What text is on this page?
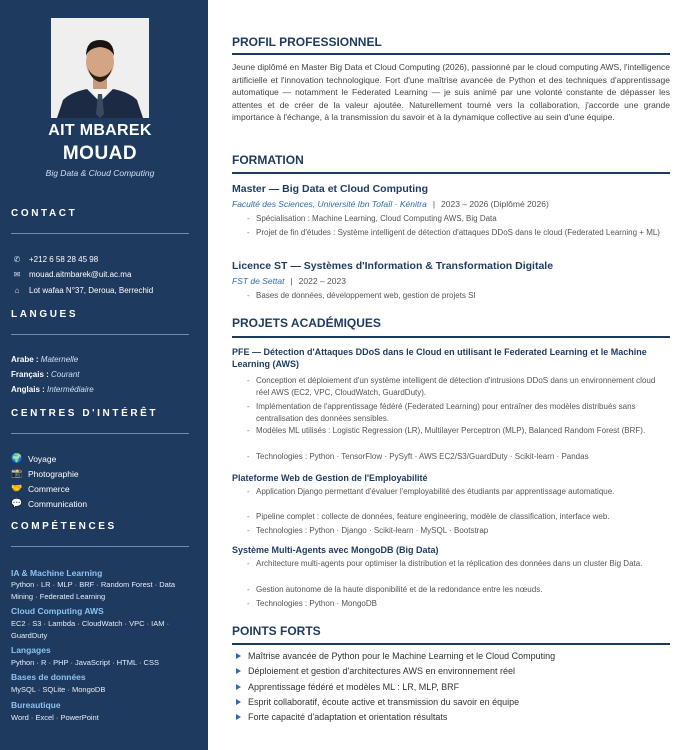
AIT MBAREK
MOUAD
Big Data & Cloud Computing
CONTACT
✆	+212 6 58 28 45 98
✉	mouad.aitmbarek@uit.ac.ma
⌂	Lot wafaa N°37, Deroua, Berrechid
LANGUES
Arabe : Maternelle
Français : Courant
Anglais : Intermédiaire
CENTRES D'INTÉRÊT
🌍 Voyage
📸 Photographie
🤝 Commerce
💬 Communication
COMPÉTENCES
IA & Machine Learning
Python · LR · MLP · BRF · Random Forest · Data Mining · Federated Learning
Cloud Computing AWS
EC2 · S3 · Lambda · CloudWatch · VPC · IAM · GuardDuty
Langages
Python · R · PHP · JavaScript · HTML · CSS
Bases de données
MySQL · SQLite · MongoDB
Bureautique
Word · Excel · PowerPoint
PROFIL PROFESSIONNEL
Jeune diplômé en Master Big Data et Cloud Computing (2026), passionné par le cloud computing AWS, l'intelligence artificielle et l'innovation technologique. Fort d'une maîtrise avancée de Python et des techniques d'apprentissage automatique — notamment le Federated Learning — je suis animé par une volonté constante de dépasser les attentes et de créer de la valeur ajoutée. Naturellement tourné vers la collaboration, j'accorde une grande importance à l'échange, à la transmission du savoir et à la dynamique collective au sein d'une équipe.
FORMATION
Master — Big Data et Cloud Computing
Faculté des Sciences, Université Ibn Tofaïl · Kénitra | 2023 – 2026 (Diplômé 2026)
- Spécialisation : Machine Learning, Cloud Computing AWS, Big Data
- Projet de fin d'études : Système intelligent de détection d'attaques DDoS dans le cloud (Federated Learning + ML)
Licence ST — Systèmes d'Information & Transformation Digitale
FST de Settat | 2022 – 2023
- Bases de données, développement web, gestion de projets SI
PROJETS ACADÉMIQUES
PFE — Détection d'Attaques DDoS dans le Cloud en utilisant le Federated Learning et le Machine Learning (AWS)
- Conception et déploiement d'un système intelligent de détection d'intrusions DDoS dans un environnement cloud réel AWS (EC2, VPC, CloudWatch, GuardDuty).
- Implémentation de l'apprentissage fédéré (Federated Learning) pour entraîner des modèles distribués sans centralisation des données sensibles.
- Modèles ML utilisés : Logistic Regression (LR), Multilayer Perceptron (MLP), Balanced Random Forest (BRF).
- Technologies : Python · TensorFlow · PySyft · AWS EC2/S3/GuardDuty · Scikit-learn · Pandas
Plateforme Web de Gestion de l'Employabilité
- Application Django permettant d'évaluer l'employabilité des étudiants par apprentissage automatique.
- Pipeline complet : collecte de données, feature engineering, modèle de classification, interface web.
- Technologies : Python · Django · Scikit-learn · MySQL · Bootstrap
Système Multi-Agents avec MongoDB (Big Data)
- Architecture multi-agents pour optimiser la distribution et la réplication des données dans un cluster Big Data.
- Gestion autonome de la haute disponibilité et de la redondance entre les nœuds.
- Technologies : Python · MongoDB
POINTS FORTS
Maîtrise avancée de Python pour le Machine Learning et le Cloud Computing
Déploiement et gestion d'architectures AWS en environnement réel
Apprentissage fédéré et modèles ML : LR, MLP, BRF
Esprit collaboratif, écoute active et transmission du savoir en équipe
Forte capacité d'adaptation et orientation résultats
